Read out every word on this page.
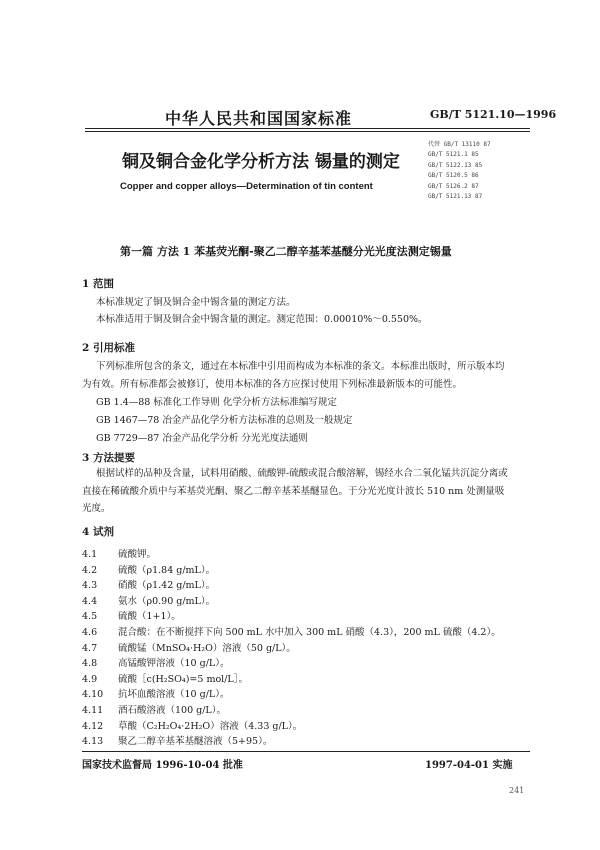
中华人民共和国国家标准	GB/T 5121.10—1996
铜及铜合金化学分析方法 锡量的测定
代替 GB/T 13110 87
GB/T 5121.1 85
GB/T 5122.13 85
GB/T 5120.5 86
GB/T 5126.2 87
GB/T 5121.13 87
Copper and copper alloys—Determination of tin content
第一篇 方法 1 苯基荧光酮-聚乙二醇辛基苯基醚分光光度法测定锡量
1 范围
本标准规定了铜及铜合金中锡含量的测定方法。
本标准适用于铜及铜合金中锡含量的测定。测定范围：0.00010%～0.550%。
2 引用标准
下列标准所包含的条文，通过在本标准中引用而构成为本标准的条文。本标准出版时，所示版本均
为有效。所有标准都会被修订，使用本标准的各方应探讨使用下列标准最新版本的可能性。
GB 1.4—88 标准化工作导则 化学分析方法标准编写规定
GB 1467—78 冶金产品化学分析方法标准的总则及一般规定
GB 7729—87 冶金产品化学分析 分光光度法通则
3 方法提要
根据试样的品种及含量，试料用硝酸、硫酸钾-硫酸或混合酸溶解，锡经水合二氧化锰共沉淀分离或
直接在稀硫酸介质中与苯基荧光酮、聚乙二醇辛基苯基醚显色。于分光光度计波长 510 nm 处测量吸
光度。
4 试剂
4.1 硫酸钾。
4.2 硫酸（ρ1.84 g/mL）。
4.3 硝酸（ρ1.42 g/mL）。
4.4 氨水（ρ0.90 g/mL）。
4.5 硫酸（1+1）。
4.6 混合酸：在不断搅拌下向 500 mL 水中加入 300 mL 硝酸（4.3），200 mL 硫酸（4.2）。
4.7 硫酸锰（MnSO₄·H₂O）溶液（50 g/L）。
4.8 高锰酸钾溶液（10 g/L）。
4.9 硫酸［c(H₂SO₄)=5 mol/L］。
4.10 抗坏血酸溶液（10 g/L）。
4.11 酒石酸溶液（100 g/L）。
国家技术监督局 1996-10-04 批准	1997-04-01 实施
241
4.12 草酸（C₂H₂O₄·2H₂O）溶液（4.33 g/L）。
4.13 聚乙二醇辛基苯基醚溶液（5+95）。
